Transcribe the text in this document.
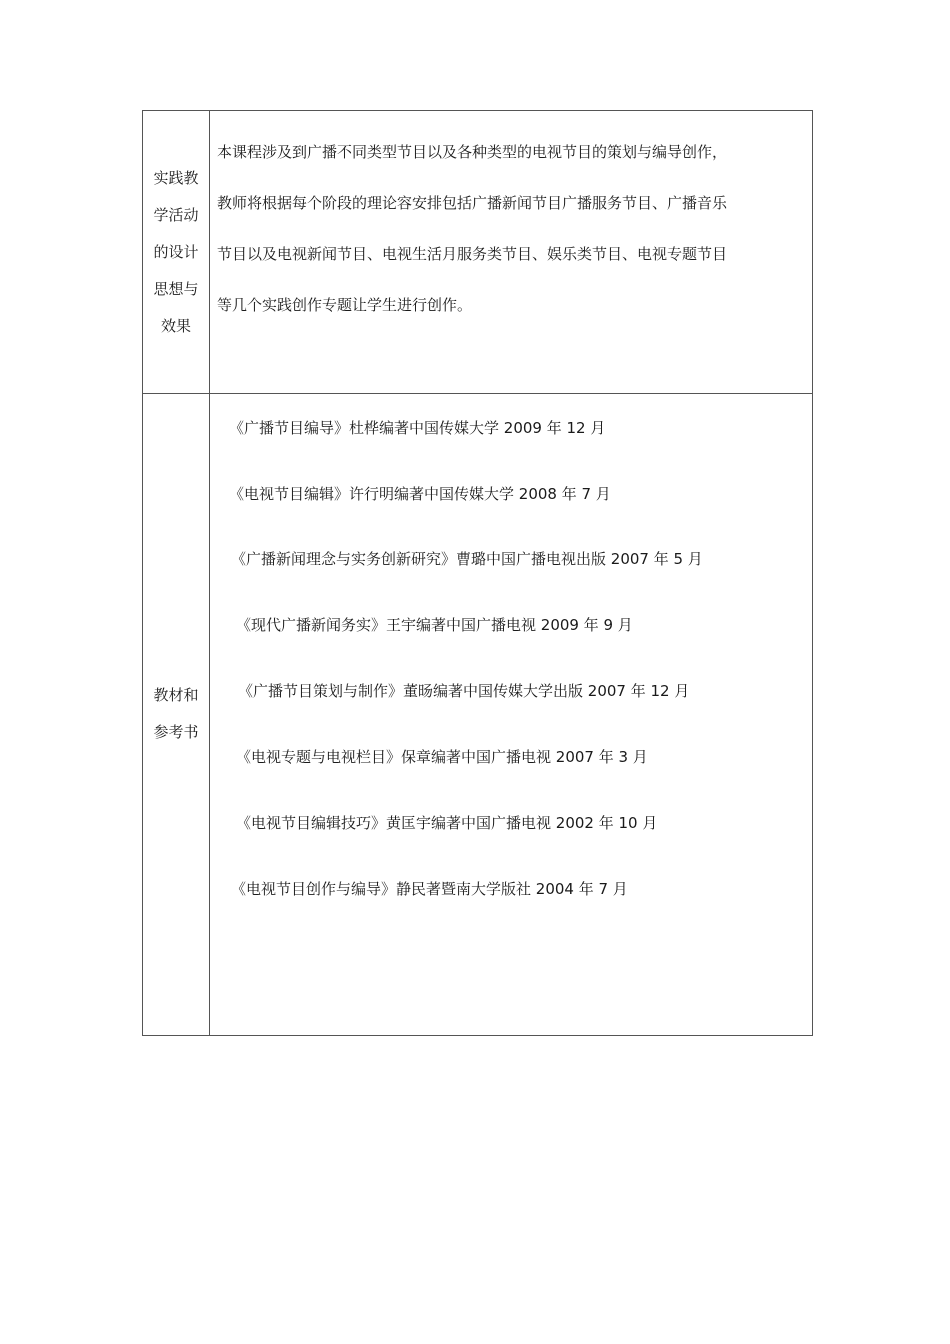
实践教
学活动
的设计
思想与
效果

本课程涉及到广播不同类型节目以及各种类型的电视节目的策划与编导创作，
教师将根据每个阶段的理论容安排包括广播新闻节目广播服务节目、广播音乐
节目以及电视新闻节目、电视生活月服务类节目、娱乐类节目、电视专题节目
等几个实践创作专题让学生进行创作。

教材和
参考书
《广播节目编导》杜桦编著中国传媒大学 2009 年 12 月
《电视节目编辑》许行明编著中国传媒大学 2008 年 7 月
《广播新闻理念与实务创新研究》曹璐中国广播电视出版 2007 年 5 月
《现代广播新闻务实》王宇编著中国广播电视 2009 年 9 月
《广播节目策划与制作》董旸编著中国传媒大学出版 2007 年 12 月
《电视专题与电视栏目》保章编著中国广播电视 2007 年 3 月
《电视节目编辑技巧》黄匡宇编著中国广播电视 2002 年 10 月
《电视节目创作与编导》静民著暨南大学版社 2004 年 7 月
